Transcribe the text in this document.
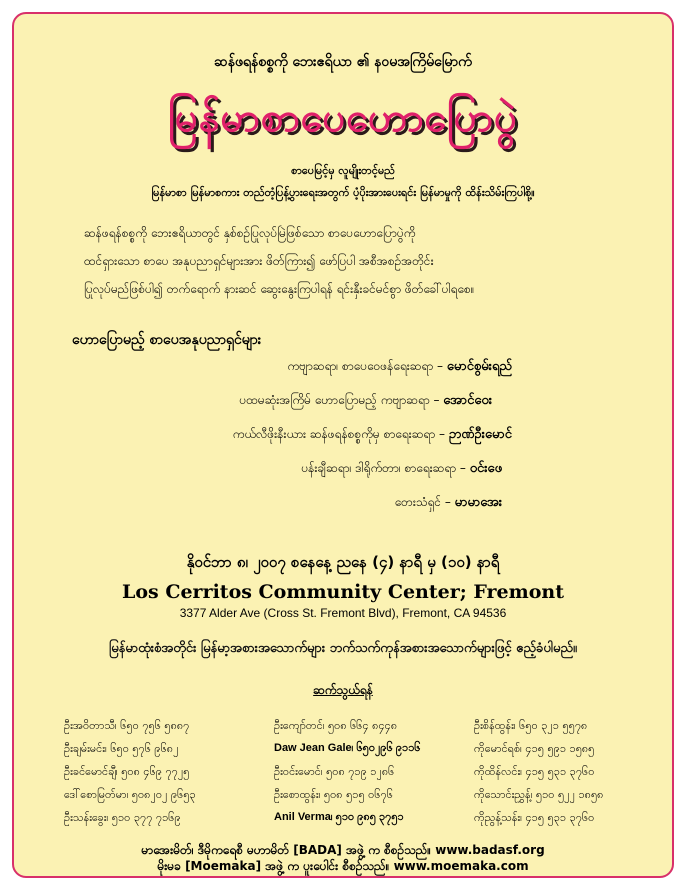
ဆန်ဖရန်စစ္စကို ဘေးဧရိယာ ၏ နဝမအကြိမ်မြောက်
မြန်မာစာပေဟောပြောပွဲ
စာပေမြင့်မှ လူမျိုးတင့်မည်
မြန်မာစာ မြန်မာစကား တည်တံ့ပြန့်ပွားရေးအတွက် ပံ့ပိုးအားပေးရင်း မြန်မာမှုကို ထိန်းသိမ်းကြပါစို့။
ဆန်ဖရန်စစ္စကို ဘေးဧရိယာတွင် နှစ်စဉ်ပြုလုပ်မြဲဖြစ်သော စာပေဟောပြောပွဲကို
ထင်ရှားသော စာပေ အနုပညာရှင်များအား ဖိတ်ကြား၍ ဖော်ပြပါ အစီအစဉ်အတိုင်း
ပြုလုပ်မည်ဖြစ်ပါ၍ တက်ရောက် နားဆင် ဆွေးနွေးကြပါရန် ရင်းနှီးခင်မင်စွာ ဖိတ်ခေါ်ပါရစေ။
ဟောပြောမည့် စာပေအနုပညာရှင်များ
ကဗျာဆရာ၊ စာပေဝေဖန်ရေးဆရာ – မောင်စွမ်းရည်
ပထမဆုံးအကြိမ် ဟောပြောမည့် ကဗျာဆရာ – အောင်ဝေး
ကယ်လီဖိုးနီးယား ဆန်ဖရန်စစ္စကိုမှ စာရေးဆရာ – ဉာဏ်ဦးမောင်
ပန်းချီဆရာ၊ ဒါရိုက်တာ၊ စာရေးဆရာ – ဝင်းဖေ
တေးသံရှင် – မာမာအေး
နိုဝင်ဘာ ၈၊ ၂၀၀၇ စနေနေ့ ညနေ (၄) နာရီ မှ (၁၀) နာရီ
Los Cerritos Community Center; Fremont
3377 Alder Ave (Cross St. Fremont Blvd), Fremont, CA 94536
မြန်မာထုံးစံအတိုင်း မြန်မာ့အစားအသောက်များ ဘက်သက်ကုန်အစားအသောက်များဖြင့် ဧည့်ခံပါမည်။
ဆက်သွယ်ရန်
ဦးအဝိတာသီ၊ ၆၅၀ ၇၅၆ ၅၈၈၇
ဦးချမ်းမင်း၊ ၆၅၀ ၅၇၆ ၉၆၈၂
ဦးခင်မောင်ချီ၊ ၅၀၈ ၄၆၉ ၇၇၂၅
ဒေါ်စောမြတ်မာ၊ ၅၀၈၂၀၂ ၉၆၅၃
ဦးသန်းခွေး၊ ၅၁၀ ၃၇၇ ၇၁၆၉
ဦးကျော်တင်၊ ၅၀၈ ၆၆၄ ၈၄၄၈
Daw Jean Gale၊ ၆၅၀၂၉၆ ၉၁၁၆
ဦးဝင်းမောင်၊ ၅၀၈ ၇၁၉ ၁၂၈၆
ဦးစောထွန်း၊ ၅၀၈ ၅၁၅ ၀၆၇၆
Anil Verma၊ ၅၁၀ ၉၈၅ ၃၇၅၁
ဦးစိန်ထွန်း၊ ၆၅၀ ၃၂၁ ၅၅၇၈
ကိုမောင်ရစ်၊ ၄၁၅ ၅၉၁ ၁၅၈၅
ကိုထိန်လင်း၊ ၄၁၅ ၅၃၁ ၃၇၆၀
ကိုသောင်းညွှန့်၊ ၅၁၀ ၅၂၂ ၁၈၅၈
ကိုညွန့်သန်း၊ ၄၁၅ ၅၃၁ ၃၇၆၀
မာအေးမိတ်၊ ဒီမိုကရေစီ မဟာမိတ် [BADA] အဖွဲ့ က စီစဉ်သည်။ www.badasf.org
မိုးမခ [Moemaka] အဖွဲ့ က ပူးပေါင်း စီစဉ်သည်။ www.moemaka.com
